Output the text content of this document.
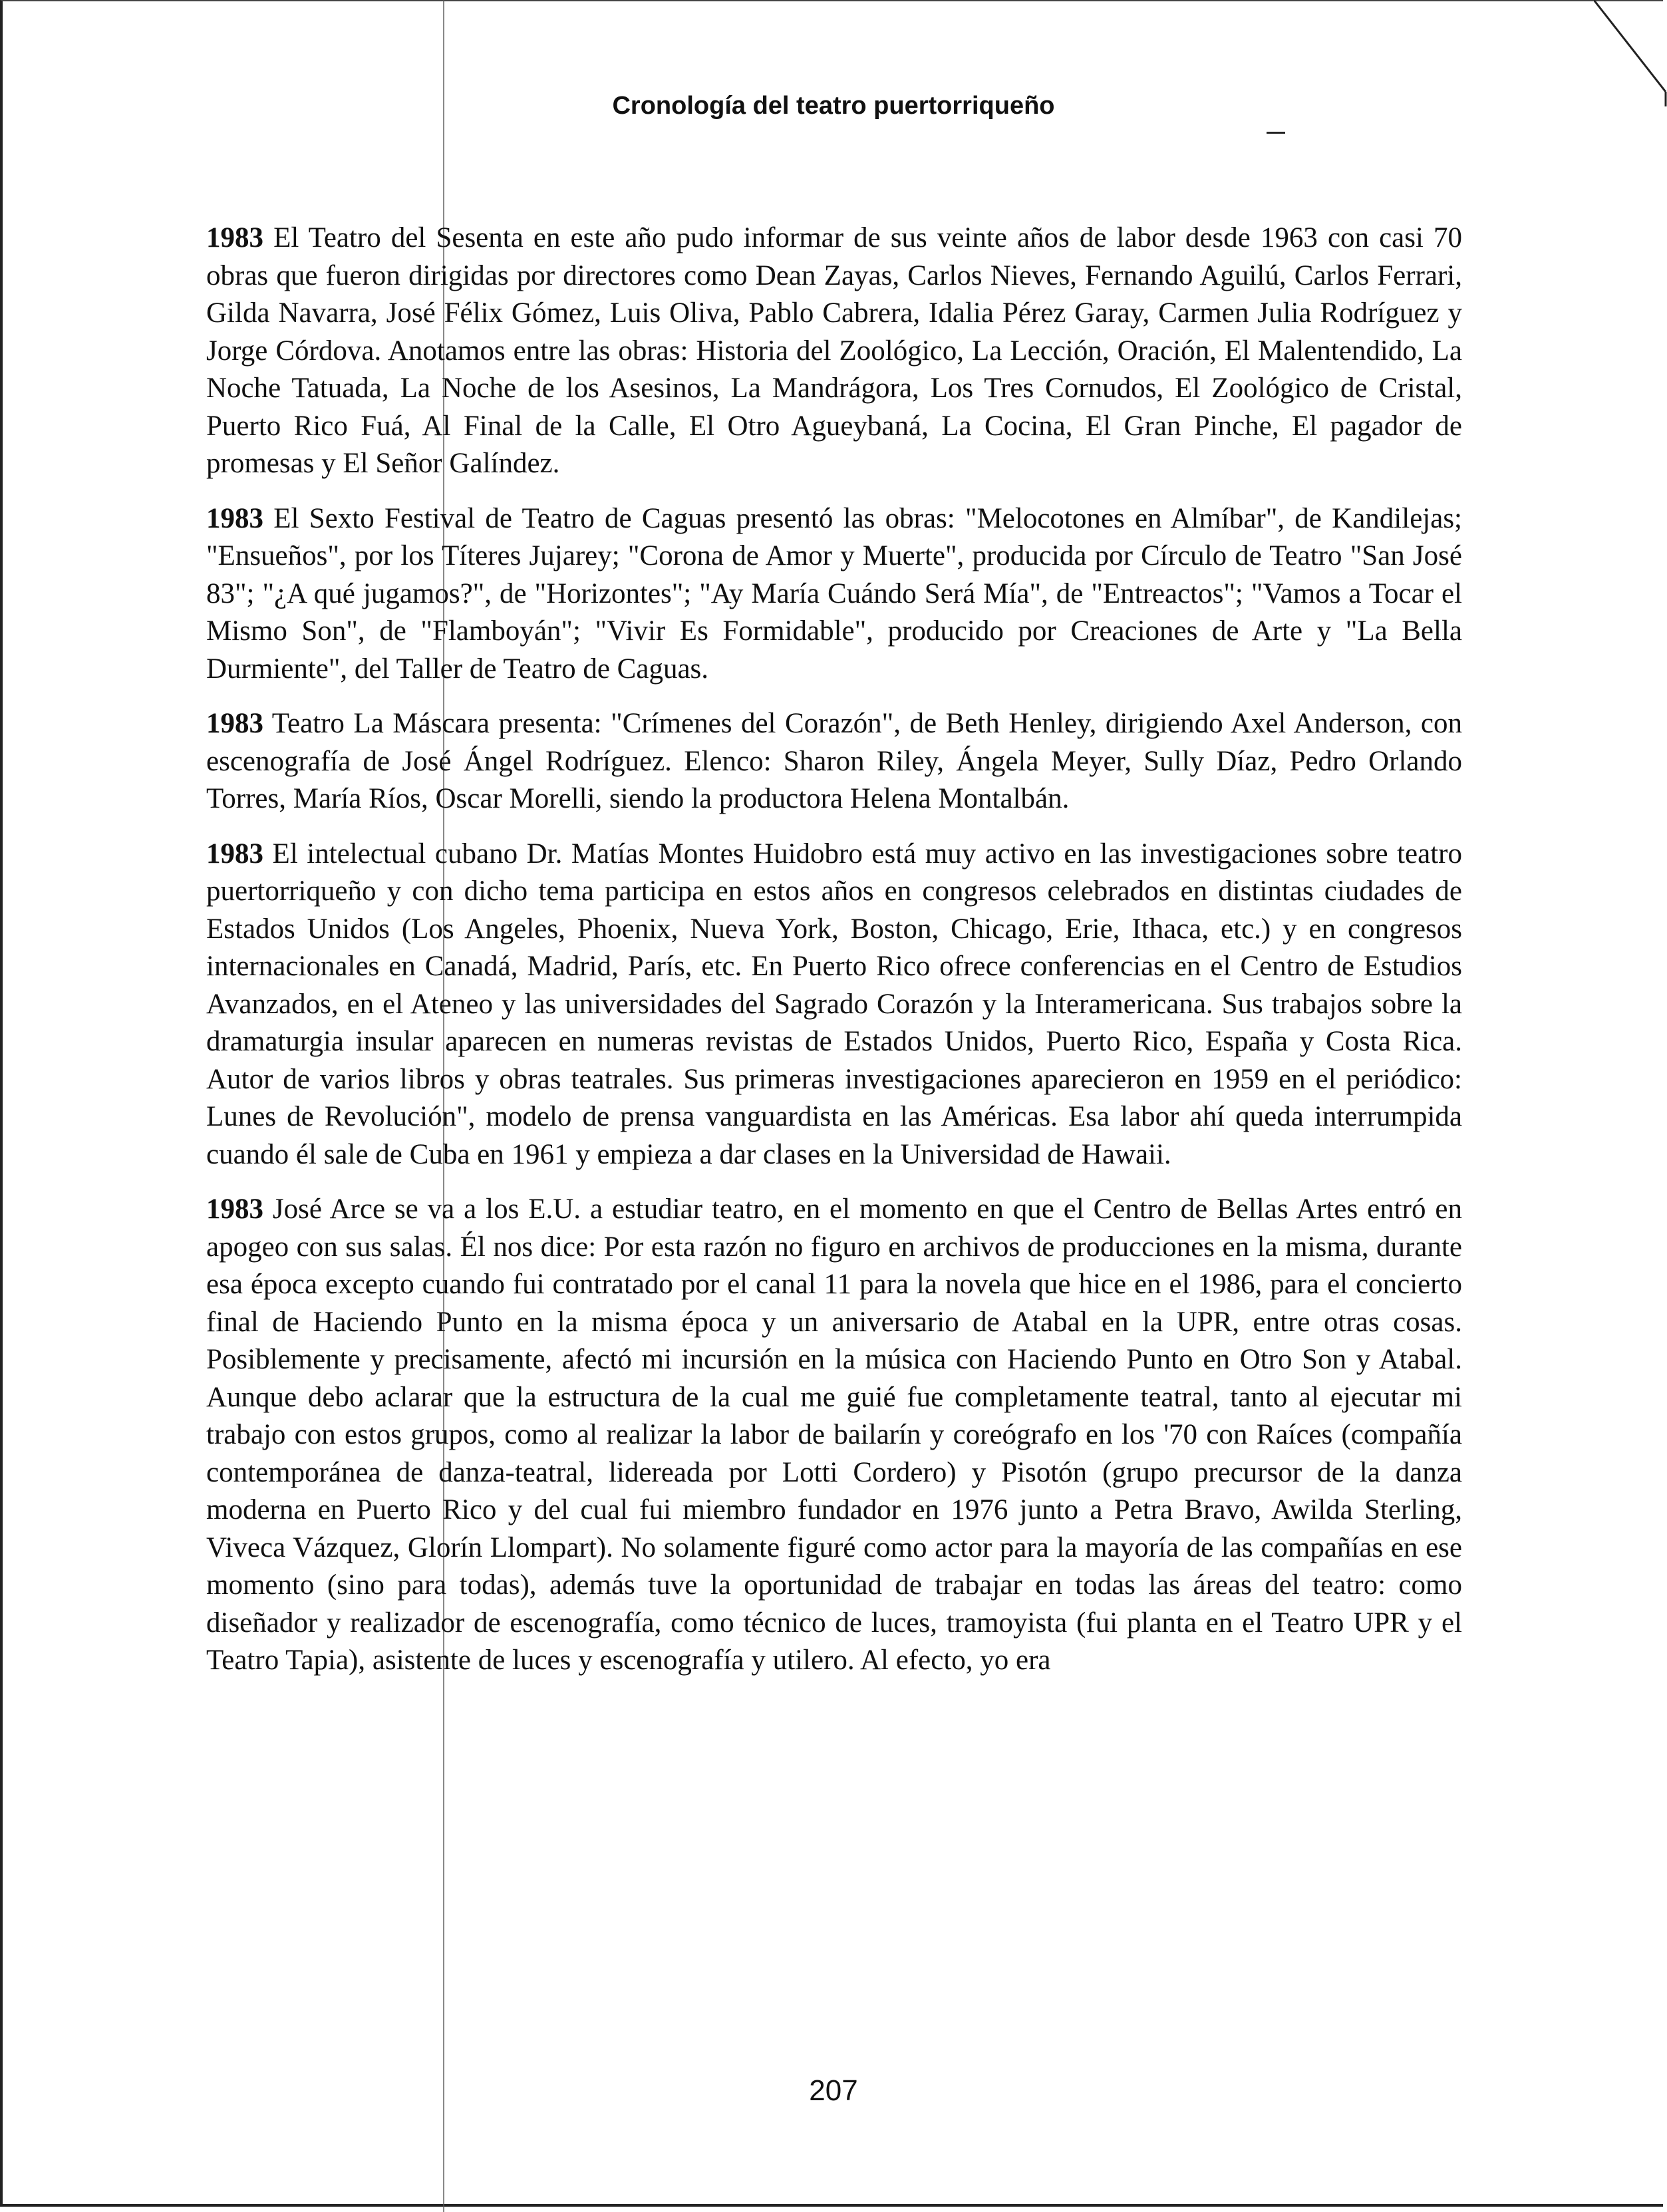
Cronología del teatro puertorriqueño

1983 El Teatro del Sesenta en este año pudo informar de sus veinte años de labor desde 1963 con casi 70 obras que fueron dirigidas por directores como Dean Zayas, Carlos Nieves, Fernando Aguilú, Carlos Ferrari, Gilda Navarra, José Félix Gómez, Luis Oliva, Pablo Cabrera, Idalia Pérez Garay, Carmen Julia Rodríguez y Jorge Córdova. Anotamos entre las obras: Historia del Zoológico, La Lección, Oración, El Malentendido, La Noche Tatuada, La Noche de los Asesinos, La Mandrágora, Los Tres Cornudos, El Zoológico de Cristal, Puerto Rico Fuá, Al Final de la Calle, El Otro Agueybaná, La Cocina, El Gran Pinche, El pagador de promesas y El Señor Galíndez.

1983 El Sexto Festival de Teatro de Caguas presentó las obras: "Melocotones en Almíbar", de Kandilejas; "Ensueños", por los Títeres Jujarey; "Corona de Amor y Muerte", producida por Círculo de Teatro "San José 83"; "¿A qué jugamos?", de "Horizontes"; "Ay María Cuándo Será Mía", de "Entreactos"; "Vamos a Tocar el Mismo Son", de "Flamboyán"; "Vivir Es Formidable", producido por Creaciones de Arte y "La Bella Durmiente", del Taller de Teatro de Caguas.

1983 Teatro La Máscara presenta: "Crímenes del Corazón", de Beth Henley, dirigiendo Axel Anderson, con escenografía de José Ángel Rodríguez. Elenco: Sharon Riley, Ángela Meyer, Sully Díaz, Pedro Orlando Torres, María Ríos, Oscar Morelli, siendo la productora Helena Montalbán.

1983 El intelectual cubano Dr. Matías Montes Huidobro está muy activo en las investigaciones sobre teatro puertorriqueño y con dicho tema participa en estos años en congresos celebrados en distintas ciudades de Estados Unidos (Los Angeles, Phoenix, Nueva York, Boston, Chicago, Erie, Ithaca, etc.) y en congresos internacionales en Canadá, Madrid, París, etc. En Puerto Rico ofrece conferencias en el Centro de Estudios Avanzados, en el Ateneo y las universidades del Sagrado Corazón y la Interamericana. Sus trabajos sobre la dramaturgia insular aparecen en numeras revistas de Estados Unidos, Puerto Rico, España y Costa Rica. Autor de varios libros y obras teatrales. Sus primeras investigaciones aparecieron en 1959 en el periódico: Lunes de Revolución", modelo de prensa vanguardista en las Américas. Esa labor ahí queda interrumpida cuando él sale de Cuba en 1961 y empieza a dar clases en la Universidad de Hawaii.

1983 José Arce se va a los E.U. a estudiar teatro, en el momento en que el Centro de Bellas Artes entró en apogeo con sus salas. Él nos dice: Por esta razón no figuro en archivos de producciones en la misma, durante esa época excepto cuando fui contratado por el canal 11 para la novela que hice en el 1986, para el concierto final de Haciendo Punto en la misma época y un aniversario de Atabal en la UPR, entre otras cosas. Posiblemente y precisamente, afectó mi incursión en la música con Haciendo Punto en Otro Son y Atabal. Aunque debo aclarar que la estructura de la cual me guié fue completamente teatral, tanto al ejecutar mi trabajo con estos grupos, como al realizar la labor de bailarín y coreógrafo en los '70 con Raíces (compañía contemporánea de danza-teatral, lidereada por Lotti Cordero) y Pisotón (grupo precursor de la danza moderna en Puerto Rico y del cual fui miembro fundador en 1976 junto a Petra Bravo, Awilda Sterling, Viveca Vázquez, Glorín Llompart). No solamente figuré como actor para la mayoría de las compañías en ese momento (sino para todas), además tuve la oportunidad de trabajar en todas las áreas del teatro: como diseñador y realizador de escenografía, como técnico de luces, tramoyista (fui planta en el Teatro UPR y el Teatro Tapia), asistente de luces y escenografía y utilero. Al efecto, yo era

207
